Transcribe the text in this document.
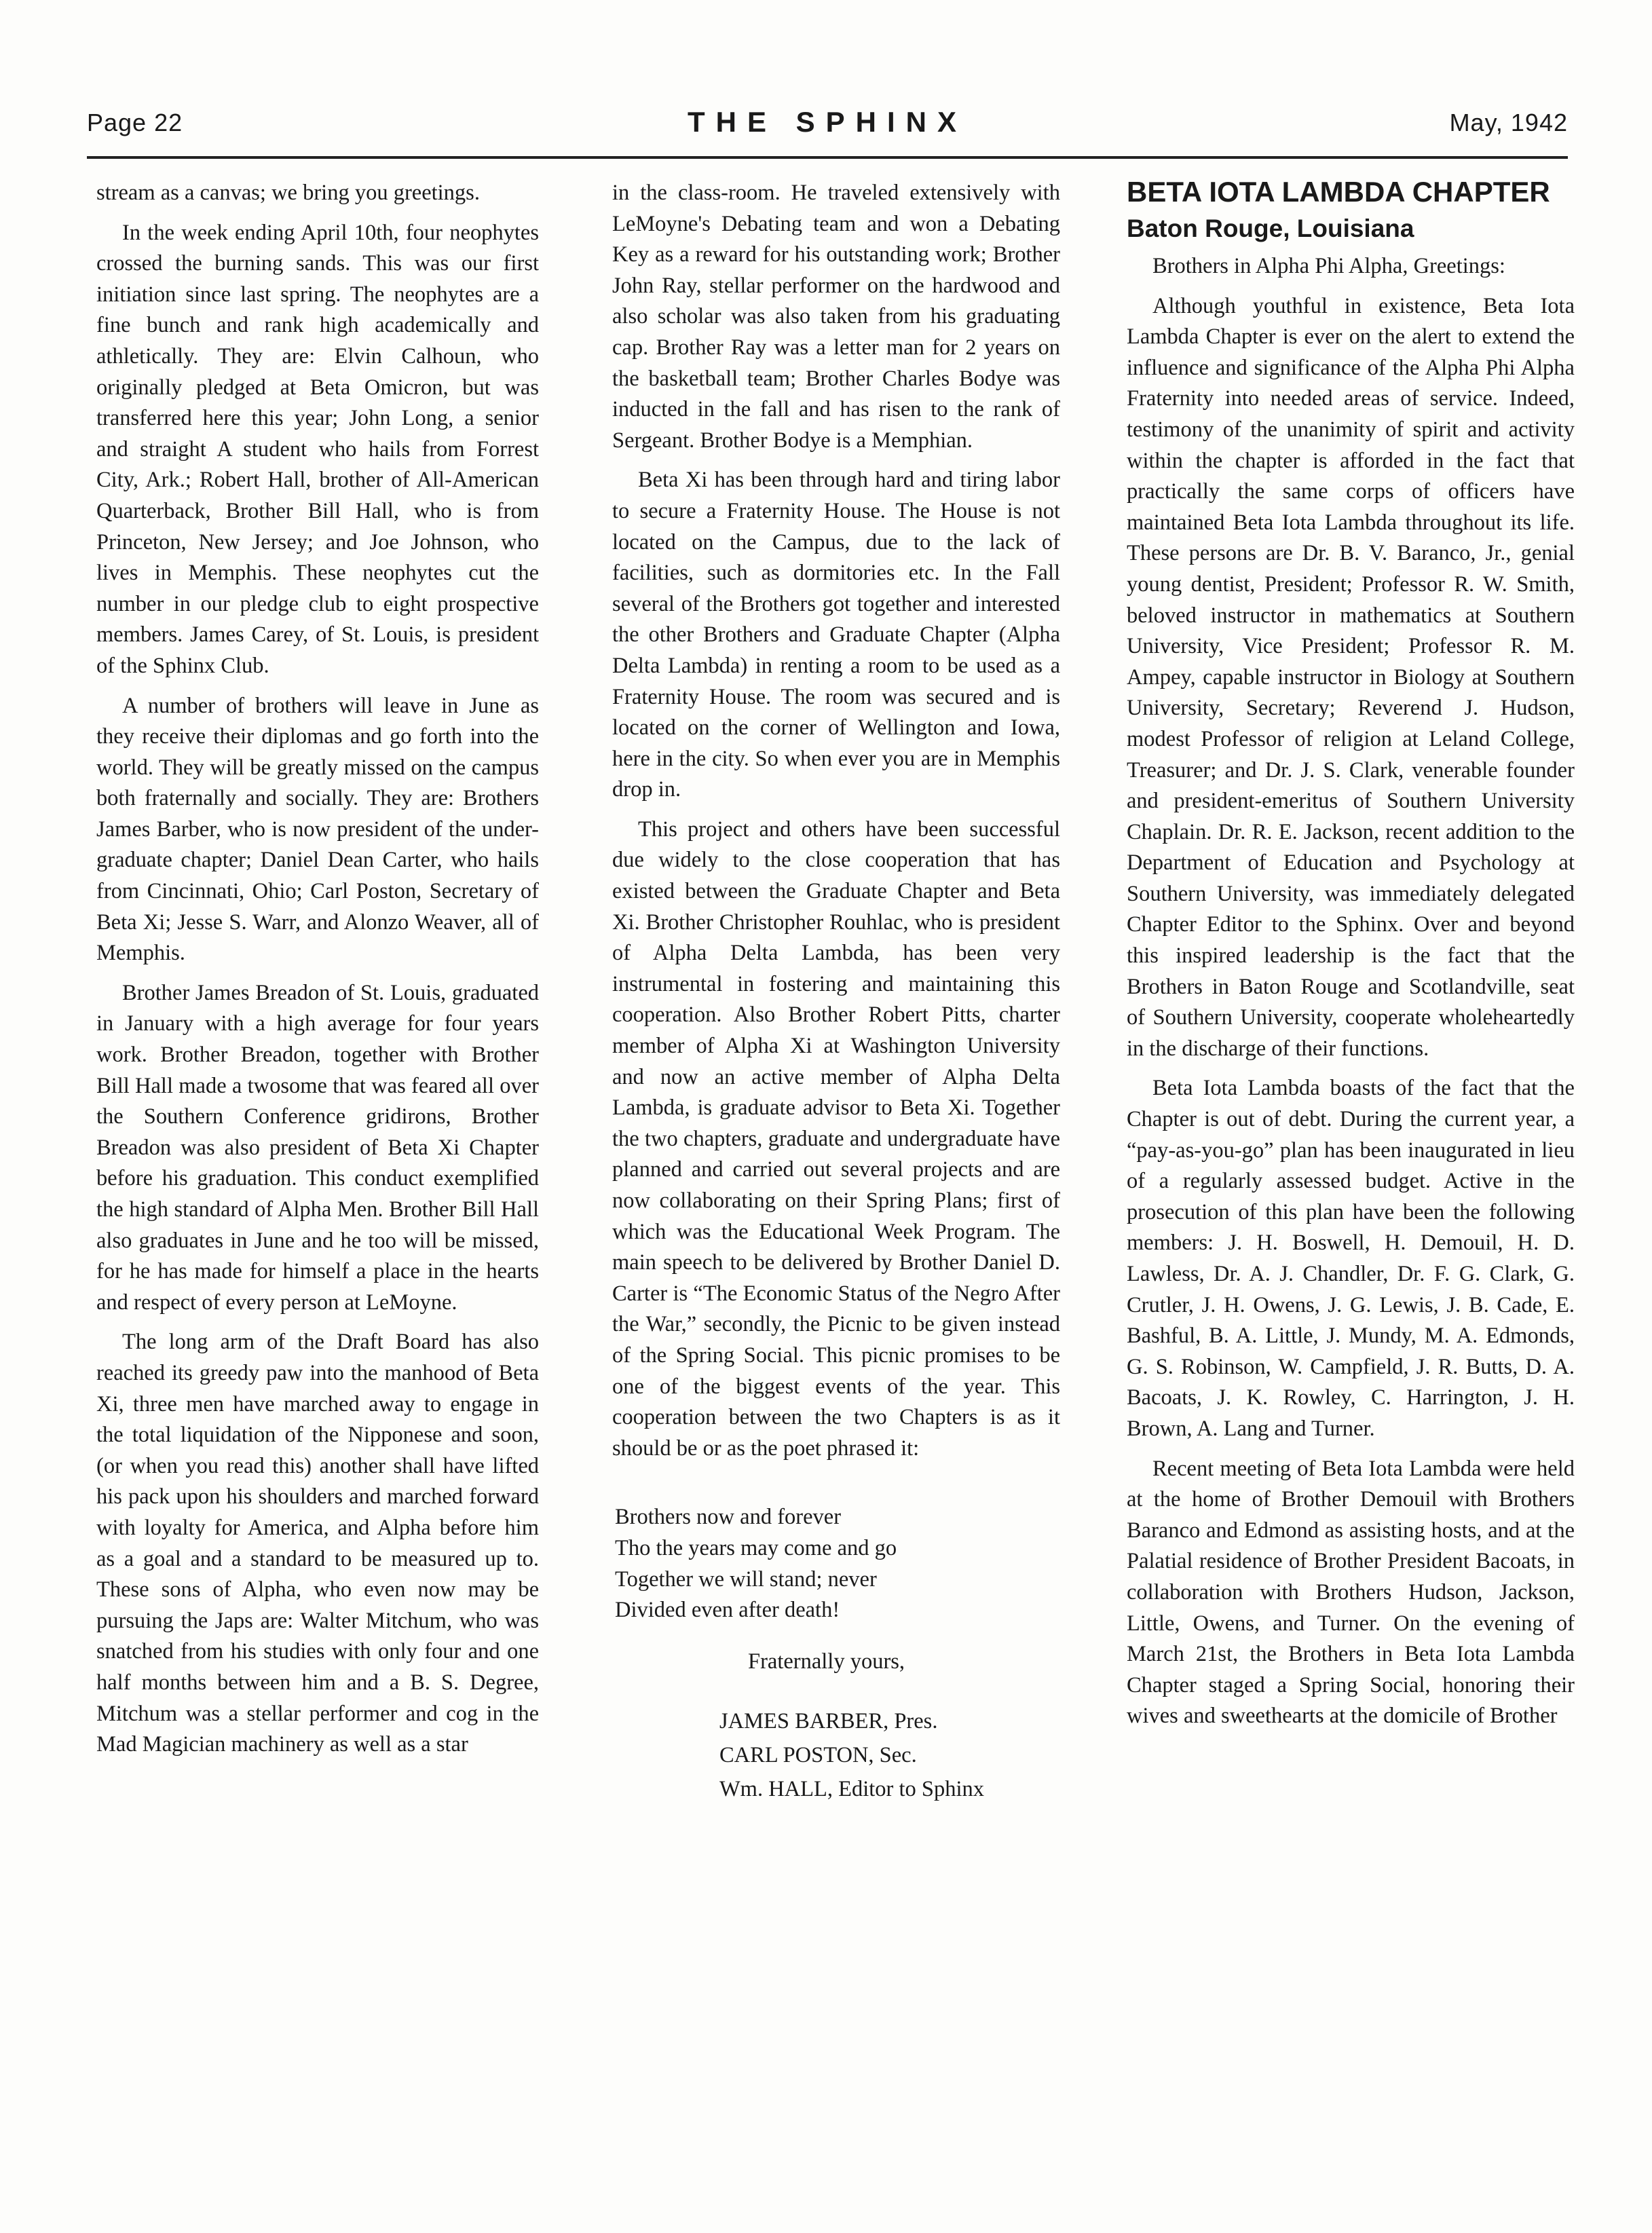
Page 22	THE SPHINX	May, 1942

stream as a canvas; we bring you greetings.

In the week ending April 10th, four neophytes crossed the burning sands. This was our first initiation since last spring. The neophytes are a fine bunch and rank high academically and athletically. They are: Elvin Calhoun, who originally pledged at Beta Omicron, but was transferred here this year; John Long, a senior and straight A student who hails from Forrest City, Ark.; Robert Hall, brother of All-American Quarterback, Brother Bill Hall, who is from Princeton, New Jersey; and Joe Johnson, who lives in Memphis. These neophytes cut the number in our pledge club to eight prospective members. James Carey, of St. Louis, is president of the Sphinx Club.

A number of brothers will leave in June as they receive their diplomas and go forth into the world. They will be greatly missed on the campus both fraternally and socially. They are: Brothers James Barber, who is now president of the under-graduate chapter; Daniel Dean Carter, who hails from Cincinnati, Ohio; Carl Poston, Secretary of Beta Xi; Jesse S. Warr, and Alonzo Weaver, all of Memphis.

Brother James Breadon of St. Louis, graduated in January with a high average for four years work. Brother Breadon, together with Brother Bill Hall made a twosome that was feared all over the Southern Conference gridirons, Brother Breadon was also president of Beta Xi Chapter before his graduation. This conduct exemplified the high standard of Alpha Men. Brother Bill Hall also graduates in June and he too will be missed, for he has made for himself a place in the hearts and respect of every person at LeMoyne.

The long arm of the Draft Board has also reached its greedy paw into the manhood of Beta Xi, three men have marched away to engage in the total liquidation of the Nipponese and soon, (or when you read this) another shall have lifted his pack upon his shoulders and marched forward with loyalty for America, and Alpha before him as a goal and a standard to be measured up to. These sons of Alpha, who even now may be pursuing the Japs are: Walter Mitchum, who was snatched from his studies with only four and one half months between him and a B. S. Degree, Mitchum was a stellar performer and cog in the Mad Magician machinery as well as a star

in the class-room. He traveled extensively with LeMoyne's Debating team and won a Debating Key as a reward for his outstanding work; Brother John Ray, stellar performer on the hardwood and also scholar was also taken from his graduating cap. Brother Ray was a letter man for 2 years on the basketball team; Brother Charles Bodye was inducted in the fall and has risen to the rank of Sergeant. Brother Bodye is a Memphian.

Beta Xi has been through hard and tiring labor to secure a Fraternity House. The House is not located on the Campus, due to the lack of facilities, such as dormitories etc. In the Fall several of the Brothers got together and interested the other Brothers and Graduate Chapter (Alpha Delta Lambda) in renting a room to be used as a Fraternity House. The room was secured and is located on the corner of Wellington and Iowa, here in the city. So when ever you are in Memphis drop in.

This project and others have been successful due widely to the close cooperation that has existed between the Graduate Chapter and Beta Xi. Brother Christopher Rouhlac, who is president of Alpha Delta Lambda, has been very instrumental in fostering and maintaining this cooperation. Also Brother Robert Pitts, charter member of Alpha Xi at Washington University and now an active member of Alpha Delta Lambda, is graduate advisor to Beta Xi. Together the two chapters, graduate and undergraduate have planned and carried out several projects and are now collaborating on their Spring Plans; first of which was the Educational Week Program. The main speech to be delivered by Brother Daniel D. Carter is “The Economic Status of the Negro After the War,” secondly, the Picnic to be given instead of the Spring Social. This picnic promises to be one of the biggest events of the year. This cooperation between the two Chapters is as it should be or as the poet phrased it:

Brothers now and forever
Tho the years may come and go
Together we will stand; never
Divided even after death!
Fraternally yours,
JAMES BARBER, Pres.
CARL POSTON, Sec.
Wm. HALL, Editor to Sphinx
BETA IOTA LAMBDA CHAPTER
Baton Rouge, Louisiana

Brothers in Alpha Phi Alpha, Greetings:

Although youthful in existence, Beta Iota Lambda Chapter is ever on the alert to extend the influence and significance of the Alpha Phi Alpha Fraternity into needed areas of service. Indeed, testimony of the unanimity of spirit and activity within the chapter is afforded in the fact that practically the same corps of officers have maintained Beta Iota Lambda throughout its life. These persons are Dr. B. V. Baranco, Jr., genial young dentist, President; Professor R. W. Smith, beloved instructor in mathematics at Southern University, Vice President; Professor R. M. Ampey, capable instructor in Biology at Southern University, Secretary; Reverend J. Hudson, modest Professor of religion at Leland College, Treasurer; and Dr. J. S. Clark, venerable founder and president-emeritus of Southern University Chaplain. Dr. R. E. Jackson, recent addition to the Department of Education and Psychology at Southern University, was immediately delegated Chapter Editor to the Sphinx. Over and beyond this inspired leadership is the fact that the Brothers in Baton Rouge and Scotlandville, seat of Southern University, cooperate wholeheartedly in the discharge of their functions.

Beta Iota Lambda boasts of the fact that the Chapter is out of debt. During the current year, a “pay-as-you-go” plan has been inaugurated in lieu of a regularly assessed budget. Active in the prosecution of this plan have been the following members: J. H. Boswell, H. Demouil, H. D. Lawless, Dr. A. J. Chandler, Dr. F. G. Clark, G. Crutler, J. H. Owens, J. G. Lewis, J. B. Cade, E. Bashful, B. A. Little, J. Mundy, M. A. Edmonds, G. S. Robinson, W. Campfield, J. R. Butts, D. A. Bacoats, J. K. Rowley, C. Harrington, J. H. Brown, A. Lang and Turner.

Recent meeting of Beta Iota Lambda were held at the home of Brother Demouil with Brothers Baranco and Edmond as assisting hosts, and at the Palatial residence of Brother President Bacoats, in collaboration with Brothers Hudson, Jackson, Little, Owens, and Turner. On the evening of March 21st, the Brothers in Beta Iota Lambda Chapter staged a Spring Social, honoring their wives and sweethearts at the domicile of Brother
